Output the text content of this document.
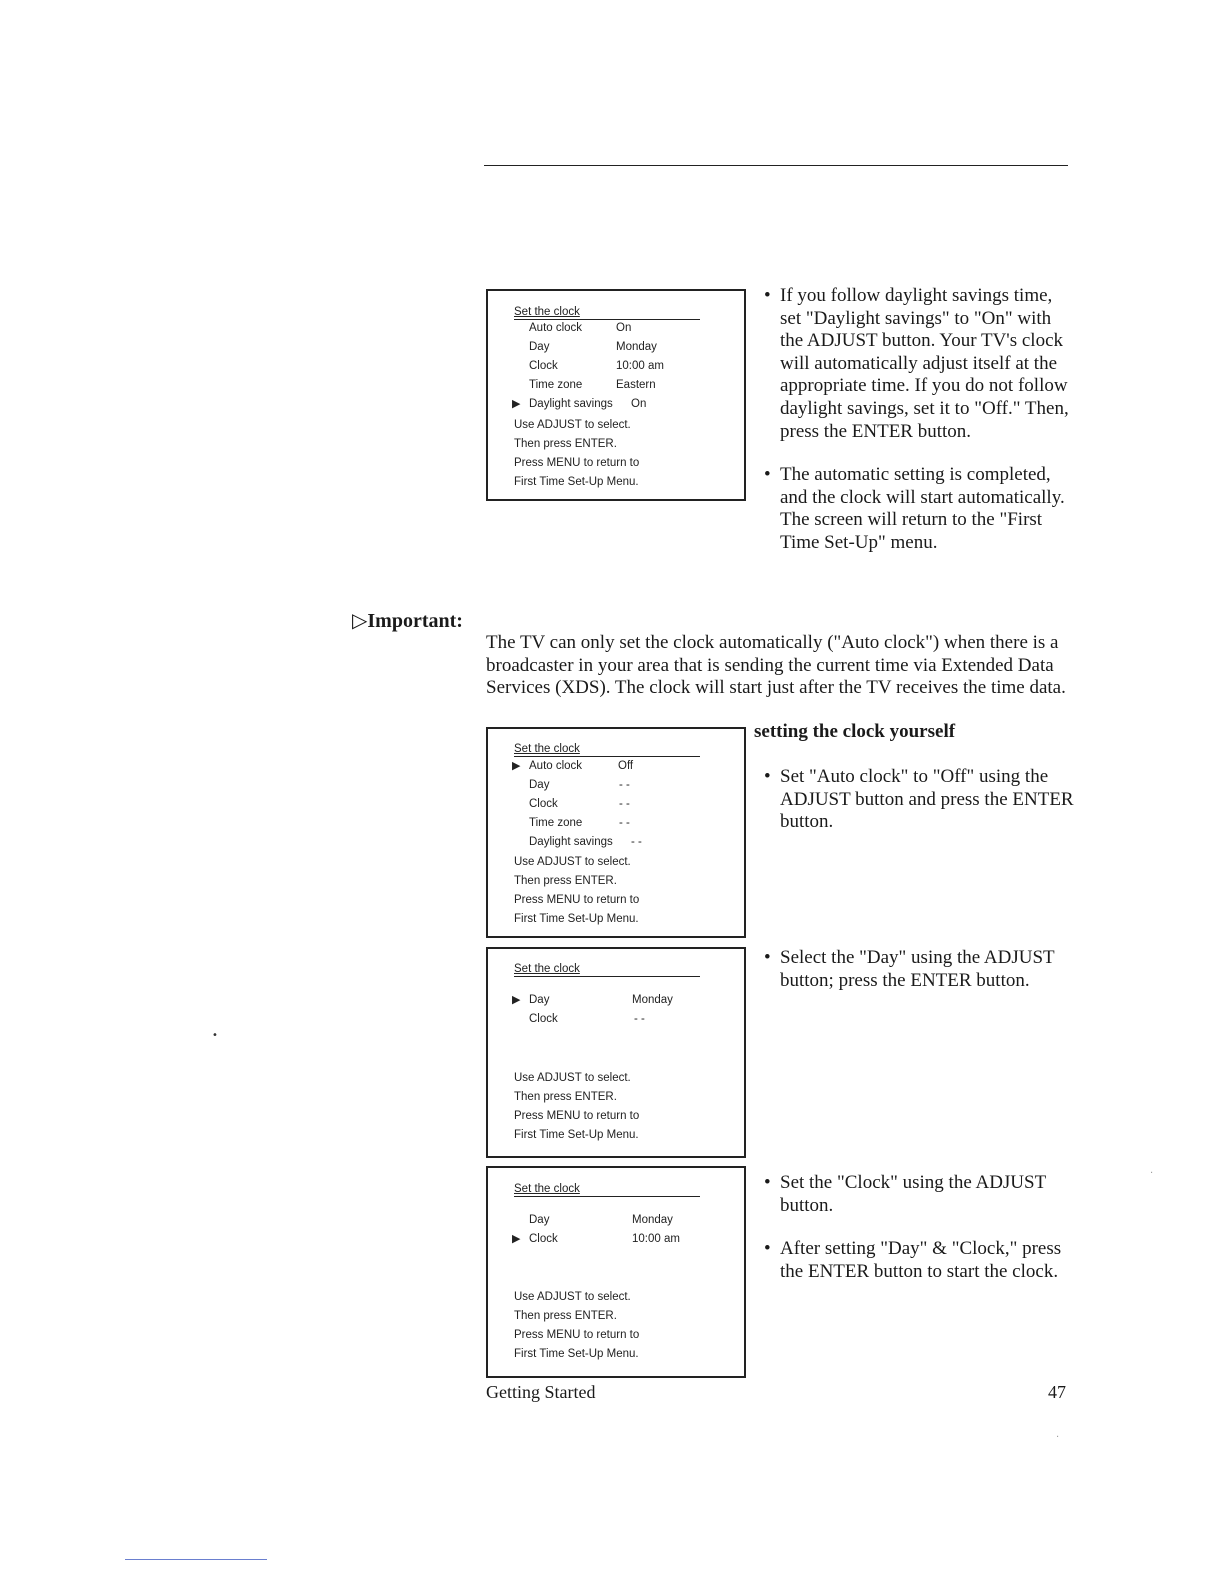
Set the clock
Auto clock	On
Day	Monday
Clock	10:00 am
Time zone	Eastern
▶ Daylight savings On
Use ADJUST to select.
Then press ENTER.
Press MENU to return to
First Time Set-Up Menu.
Set the clock
▶ Auto clock	Off
Day	- -
Clock	- -
Time zone	- -
Daylight savings - -
Use ADJUST to select.
Then press ENTER.
Press MENU to return to
First Time Set-Up Menu.
Set the clock
▶ Day	Monday
Clock	- -
Use ADJUST to select.
Then press ENTER.
Press MENU to return to
First Time Set-Up Menu.
Set the clock
Day	Monday
▶ Clock	10:00 am
Use ADJUST to select.
Then press ENTER.
Press MENU to return to
First Time Set-Up Menu.
• If you follow daylight savings time, set "Daylight savings" to "On" with the ADJUST button. Your TV's clock will automatically adjust itself at the appropriate time. If you do not follow daylight savings, set it to "Off." Then, press the ENTER button.
• The automatic setting is completed, and the clock will start automatically. The screen will return to the "First Time Set-Up" menu.
▷Important:
The TV can only set the clock automatically ("Auto clock") when there is a broadcaster in your area that is sending the current time via Extended Data Services (XDS). The clock will start just after the TV receives the time data.
setting the clock yourself
• Set "Auto clock" to "Off" using the ADJUST button and press the ENTER button.
• Select the "Day" using the ADJUST button; press the ENTER button.
• Set the "Clock" using the ADJUST button.
• After setting "Day" & "Clock," press the ENTER button to start the clock.
Getting Started	47
•
·
·
